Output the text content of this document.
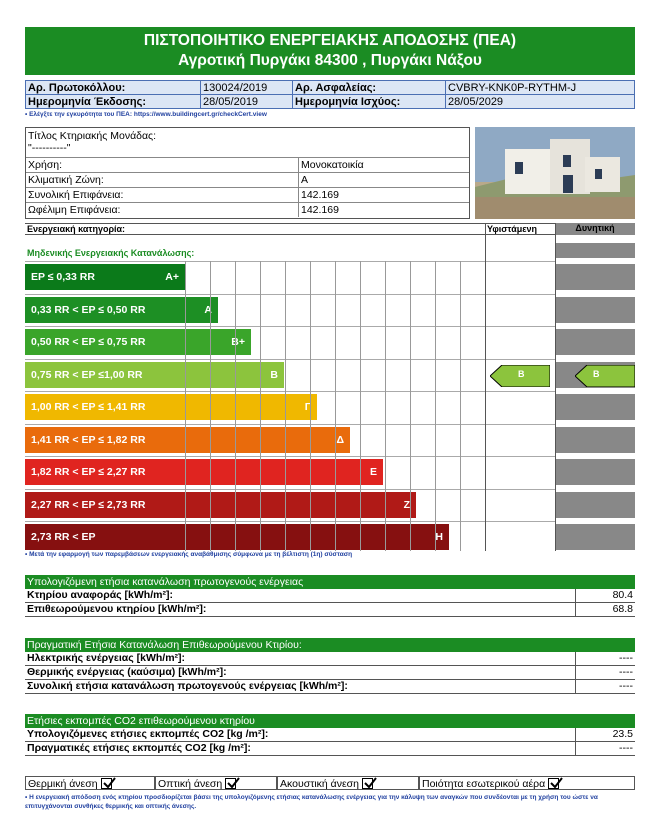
ΠΙΣΤΟΠΟΙΗΤΙΚΟ ΕΝΕΡΓΕΙΑΚΗΣ ΑΠΟΔΟΣΗΣ (ΠΕΑ)
Αγροτική Πυργάκι 84300 , Πυργάκι Νάξου
Αρ. Πρωτοκόλλου:	130024/2019	Αρ. Ασφαλείας:	CVBRY-KNK0P-RYTHM-J
Ημερομηνία Έκδοσης:	28/05/2019	Ημερομηνία Ισχύος:	28/05/2029
• Ελέγξτε την εγκυρότητα του ΠΕΑ: https://www.buildingcert.gr/checkCert.view
Τίτλος Κτηριακής Μονάδας:
"----------"
Χρήση:	Μονοκατοικία
Κλιματική Ζώνη:	Α
Συνολική Επιφάνεια:	142.169
Ωφέλιμη Επιφάνεια:	142.169
Ενεργειακή κατηγορία:	Υφιστάμενη	Δυνητική
Μηδενικής Ενεργειακής Κατανάλωσης:
EP ≤ 0,33 RR	Α+
0,33 RR < EP ≤ 0,50 RR	Α
0,50 RR < EP ≤ 0,75 RR	Β+
0,75 RR < EP ≤1,00 RR	Β
1,00 RR < EP ≤ 1,41 RR	Γ
1,41 RR < EP ≤ 1,82 RR	Δ
1,82 RR < EP ≤ 2,27 RR	Ε
2,27 RR < EP ≤ 2,73 RR	Ζ
2,73 RR < EP	Η
Β	Β
• Μετά την εφαρμογή των παρεμβάσεων ενεργειακής αναβάθμισης σύμφωνα με τη βέλτιστη (1η) σύσταση
Υπολογιζόμενη ετήσια κατανάλωση πρωτογενούς ενέργειας
Κτηρίου αναφοράς [kWh/m²]:	80.4
Επιθεωρούμενου κτηρίου [kWh/m²]:	68.8
Πραγματική Ετήσια Κατανάλωση Επιθεωρούμενου Κτιρίου:
Ηλεκτρικής ενέργειας [kWh/m²]:	----
Θερμικής ενέργειας (καύσιμα) [kWh/m²]:	----
Συνολική ετήσια κατανάλωση πρωτογενούς ενέργειας [kWh/m²]:	----
Ετήσιες εκπομπές CO2 επιθεωρούμενου κτηρίου
Υπολογιζόμενες ετήσιες εκπομπές CO2 [kg /m²]:	23.5
Πραγματικές ετήσιες εκπομπές CO2 [kg /m²]:	----
Θερμική άνεση	Οπτική άνεση	Ακουστική άνεση	Ποιότητα εσωτερικού αέρα
• Η ενεργειακή απόδοση ενός κτηρίου προσδιορίζεται βάσει της υπολογιζόμενης ετήσιας κατανάλωσης ενέργειας για την κάλυψη των αναγκών που συνδέονται με τη χρήση του ώστε να επιτυγχάνονται συνθήκες θερμικής και οπτικής άνεσης.
